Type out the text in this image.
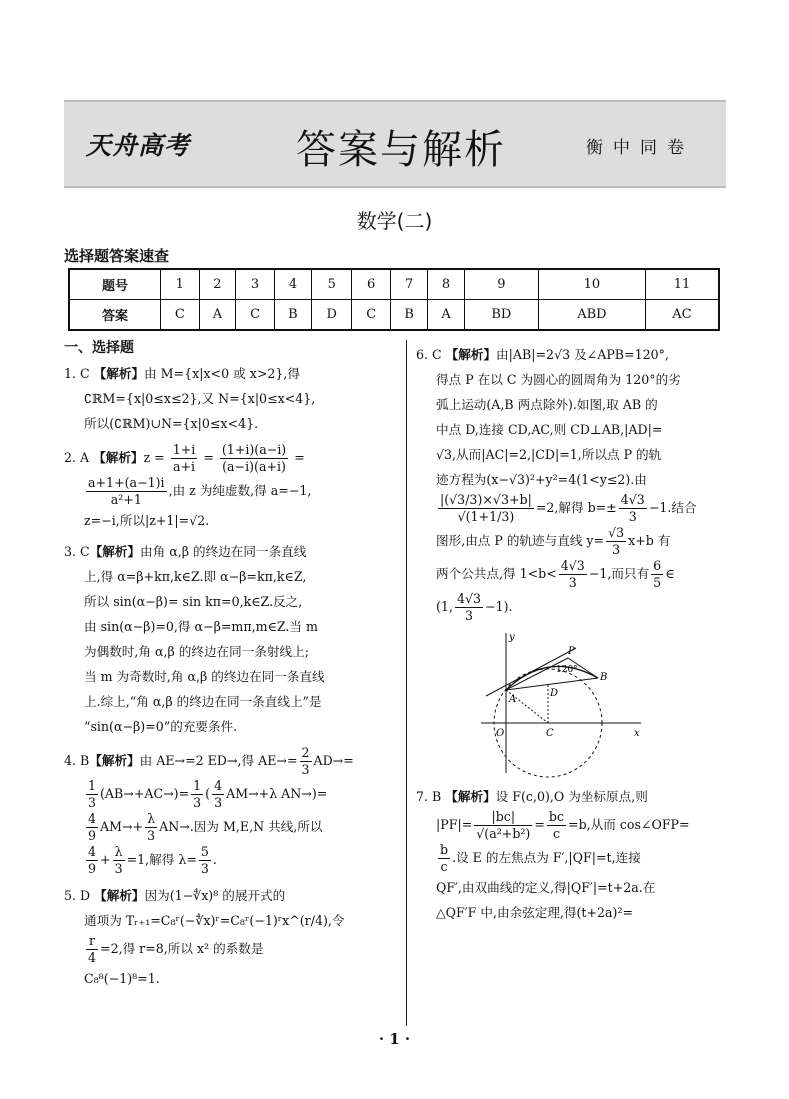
天舟高考	答案与解析	衡中同卷
数学(二)
选择题答案速查
题号	1	2	3	4	5	6	7	8	9	10	11
答案	C	A	C	B	D	C	B	A	BD	ABD	AC
一、选择题

1. C 【解析】由 M={x|x<0 或 x>2},得

∁ℝM={x|0≤x≤2},又 N={x|0≤x<4},

所以(∁ℝM)∪N={x|0≤x<4}.

2. A 【解析】$z = \frac{1+i}{a+i} = \frac{(1+i)(a-i)}{(a-i)(a+i)}$ =

$\frac{a+1+(a-1)i}{\text{a²+1}}$ ,由 z 为纯虚数,得 a=−1,

z=−i,所以|z+1|=√2.

3. C【解析】由角 α,β 的终边在同一条直线

上,得 α=β+kπ,k∈Z.即 α−β=kπ,k∈Z,

所以 sin(α−β)= sin kπ=0,k∈Z.反之,

由 sin(α−β)=0,得 α−β=mπ,m∈Z.当 m

为偶数时,角 α,β 的终边在同一条射线上;

当 m 为奇数时,角 α,β 的终边在同一条直线

上.综上,“角 α,β 的终边在同一条直线上”是

“sin(α−β)=0”的充要条件.

4. B【解析】由 AE→=2 ED→,得 $AE\to= \frac{2}{3} AD\to=$

$\frac{1}{3} (AB\to+AC\to)= \frac{1}{3}$ ( $\frac{4}{3} AM\to+\lambda$ AN→)=

$\frac{4}{9} AM\to+ \frac{\lambda}{3} AN\to$.因为 M,E,N 共线,所以

$\frac{4}{9} + \frac{\lambda}{3} =1$,解得 $\lambda= \frac{5}{3}$ .

5. D 【解析】因为(1−∜x)⁸ 的展开式的

通项为 Tᵣ₊₁=C₈ʳ(−∜x)ʳ=C₈ʳ(−1)ʳx^(r/4),令

$\frac{r}{4} =2$,得 r=8,所以 x² 的系数是

C₈⁸(−1)⁸=1.

6. C 【解析】由|AB|=2√3 及∠APB=120°,

得点 P 在以 C 为圆心的圆周角为 120°的劣

弧上运动(A,B 两点除外).如图,取 AB 的

中点 D,连接 CD,AC,则 CD⊥AB,|AD|=

√3,从而|AC|=2,|CD|=1,所以点 P 的轨

迹方程为(x−√3)²+y²=4(1<y≤2).由

$\frac{|(√3/3)\times√3+b|}{√(1+1/3)} =2$,解得 $b=\pm \frac{4√3}{3} -1$.结合

图形,由点 P 的轨迹与直线 $y= \frac{√3}{3} x+b$ 有

两个公共点,得 $1<b< \frac{4√3}{3} -1$,而只有 $\frac{6}{5}$ ∈

(1, $\frac{4√3}{3} -1$).

y
P
B
A
D
O	C	x
120°

7. B 【解析】设 F(c,0),O 为坐标原点,则

$|PF|= \frac{|bc|}{\text{√(a²+b²)}} = \frac{bc}{c} =b$,从而 cos∠OFP=

$\frac{b}{c}$ .设 E 的左焦点为 F′,|QF|=t,连接

QF′,由双曲线的定义,得|QF′|=t+2a.在

△QF′F 中,由余弦定理,得(t+2a)²=

· 1 ·
